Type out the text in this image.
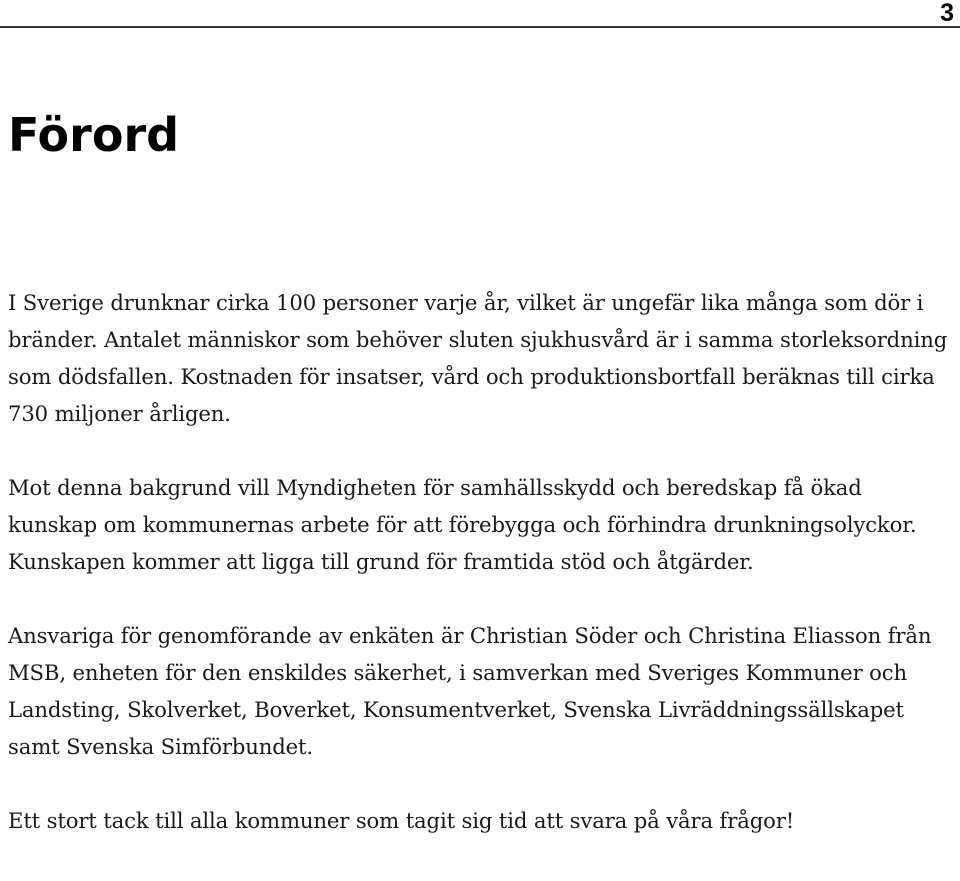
3
Förord

I Sverige drunknar cirka 100 personer varje år, vilket är ungefär lika många som dör i bränder. Antalet människor som behöver sluten sjukhusvård är i samma storleksordning som dödsfallen. Kostnaden för insatser, vård och produktionsbortfall beräknas till cirka 730 miljoner årligen.

Mot denna bakgrund vill Myndigheten för samhällsskydd och beredskap få ökad kunskap om kommunernas arbete för att förebygga och förhindra drunkningsolyckor. Kunskapen kommer att ligga till grund för framtida stöd och åtgärder.

Ansvariga för genomförande av enkäten är Christian Söder och Christina Eliasson från MSB, enheten för den enskildes säkerhet, i samverkan med Sveriges Kommuner och Landsting, Skolverket, Boverket, Konsumentverket, Svenska Livräddningssällskapet samt Svenska Simförbundet.

Ett stort tack till alla kommuner som tagit sig tid att svara på våra frågor!
